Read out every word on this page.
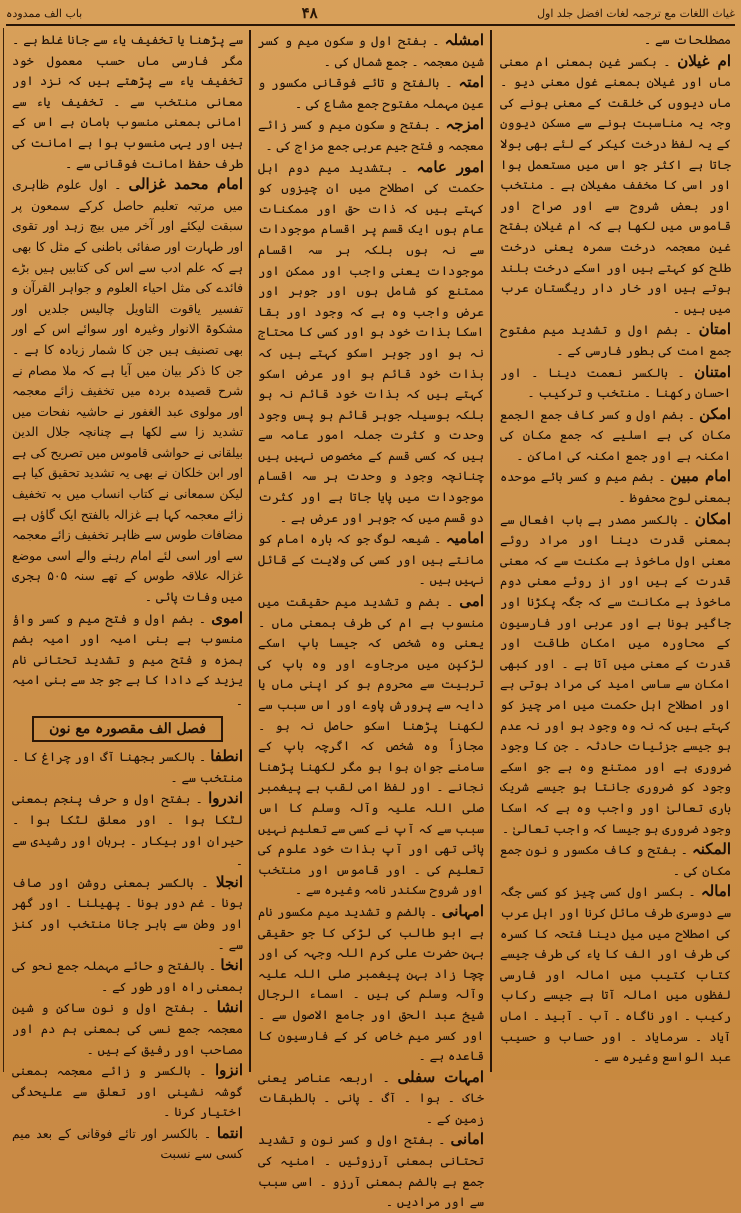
غیاث اللغات مع ترجمہ لغات افضل جلد اول
۴۸
باب الف ممدودہ

مصطلحات سے ۔

ام غیلان ۔ بکسر غین بمعنی ام معنی ماں اور غیلان بمعنے غول معنی دیو ۔ ماں دیووں کی خلقت کے معنی ہونے کی وجہ یہ مناسبت ہونے سے مسکن دیوون کے یہ لفظ درخت کیکر کے لئے بھی بولا جاتا ہے اکثر جو اس میں مستعمل ہوا اور اسی کا مخفف مغیلان ہے ۔ منتخب اور بعض شروح سے اور صراح اور قاموس میں لکھا ہے کہ ام غیلان بفتح غین معجمہ درخت سمرہ یعنی درخت طلح کو کہتے ہیں اور اسکے درخت بلند ہوتے ہیں اور خار دار ریگستان عرب میں ہیں ۔

امتان ۔ بضم اول و تشدید میم مفتوح جمع امت کی بطور فارسی کے ۔

امتنان ۔ بالکسر نعمت دینا ۔ اور احسان رکھنا ۔ منتخب و ترکیب ۔

امکن ۔ بضم اول و کسر کاف جمع الجمع مکان کی ہے اسلیے کہ جمع مکان کی امکنہ ہے اور جمع امکنہ کی اماکن ۔

امام مبین ۔ بضم میم و کسر بائے موحدہ بمعنی لوح محفوظ ۔

امکان ۔ بالکسر مصدر ہے باب افعال سے بمعنی قدرت دینا اور مراد روئے معنی اول ماخوذ ہے مکنت سے کہ معنی قدرت کے ہیں اور از روئے معنی دوم ماخوذ ہے مکانت سے کہ جگہ پکڑنا اور جاگیر ہونا ہے اور عربی اور فارسیون کے محاورہ میں امکان طاقت اور قدرت کے معنی میں آتا ہے ۔ اور کبھی امکان سے ساسی امید کی مراد ہوتی ہے اور اصطلاح اہل حکمت میں امر چیز کو کہتے ہیں کہ نہ وہ وجود ہو اور نہ عدم ہو جیسے جزئیات حادثہ ۔ جن کا وجود ضروری ہے اور ممتنع وہ ہے جو اسکے وجود کو ضروری جانتا ہو جیسے شریک باری تعالیٰ اور واجب وہ ہے کہ اسکا وجود ضروری ہو جیسا کہ واجب تعالیٰ ۔

المکنہ ۔ بفتح و کاف مکسور و نون جمع مکان کی ۔

امالہ ۔ بکسر اول کسی چیز کو کسی جگہ سے دوسری طرف مائل کرنا اور اہل عرب کی اصطلاح میں میل دینا فتحہ کا کسرہ کی طرف اور الف کا یاء کی طرف جیسے کتاب کتیب میں امالہ اور فارسی لفظوں میں امالہ آتا ہے جیسے رکاب رکیب ۔ اور ناگاہ ۔ آب ۔ آبید ۔ اماں آیاد ۔ سرمایاد ۔ اور حساب و حسیب عبد الواسع وغیرہ سے ۔

امشلہ ۔ بفتح اول و سکون میم و کسر شین معجمہ ۔ جمع شمال کی ۔

امتہ ۔ بالفتح و تائے فوقانی مکسور و عین مہملہ مفتوح جمع مشاع کی ۔

امزجہ ۔ بفتح و سکون میم و کسر زائے معجمہ و فتح جیم عربی جمع مزاج کی ۔

امور عامہ ۔ بتشدید میم دوم اہل حکمت کی اصطلاح میں ان چیزوں کو کہتے ہیں کہ ذات حق اور ممکنات عام ہوں ایک قسم پر اقسام موجودات سے نہ ہوں بلکہ ہر سہ اقسام موجودات یعنی واجب اور ممکن اور ممتنع کو شامل ہوں اور جوہر اور عرض واجب وہ ہے کہ وجود اور بقا اسکا بذات خود ہو اور کسی کا محتاج نہ ہو اور جوہر اسکو کہتے ہیں کہ بذات خود قائم ہو اور عرض اسکو کہتے ہیں کہ بذات خود قائم نہ ہو بلکہ بوسیلہ جوہر قائم ہو پس وجود وحدت و کثرت جملہ امور عامہ سے ہیں کہ کسی قسم کے مخصوص نہیں ہیں چنانچہ وجود و وحدت ہر سہ اقسام موجودات میں پایا جاتا ہے اور کثرت دو قسم میں کہ جوہر اور عرض ہے ۔

امامیہ ۔ شیعہ لوگ جو کہ بارہ امام کو مانتے ہیں اور کسی کی ولایت کے قائل نہیں ہیں ۔

امی ۔ بضم و تشدید میم حقیقت میں منسوب ہے ام کی طرف بمعنی ماں ۔ یعنی وہ شخص کہ جیسا باپ اسکے لڑکپن میں مرجاوے اور وہ باپ کی تربیت سے محروم ہو کر اپنی ماں یا دایہ سے پرورش پاوے اور اس سبب سے لکھنا پڑھنا اسکو حاصل نہ ہو ۔ مجازاً وہ شخص کہ اگرچہ باپ کے سامنے جوان ہوا ہو مگر لکھنا پڑھنا نجانے ۔ اور لفظ امی لقب ہے پیغمبر صلی اللہ علیہ وآلہ وسلم کا اس سبب سے کہ آپ نے کسی سے تعلیم نہیں پائی تھی اور آپ بذات خود علوم کی تعلیم کی ۔ اور قاموس اور منتخب اور شروح سکندر نامہ وغیرہ سے ۔

امہانی ۔ بالضم و تشدید میم مکسور نام ہے ابو طالب کی لڑکی کا جو حقیقی بہن حضرت علی کرم اللہ وجہہ کی اور چچا زاد بہن پیغمبر صلی اللہ علیہ وآلہ وسلم کی ہیں ۔ اسماء الرجال شیخ عبد الحق اور جامع الاصول سے ۔ اور کسر میم خاص کر کے فارسیون کا قاعدہ ہے ۔

امہات سفلی ۔ اربعہ عناصر یعنی خاک ۔ ہوا ۔ آگ ۔ پانی ۔ بالطبقات زمین کے ۔

امانی ۔ بفتح اول و کسر نون و تشدید تحتانی بمعنی آرزوئیں ۔ امنیہ کی جمع ہے بالضم بمعنی آرزو ۔ اسی سبب سے اور مرادیں ۔

سے پڑھنا یا تخفیف یاء سے جانا غلط ہے ۔ مگر فارسی ماں حسب معمول خود تخفیف یاء سے پڑھتے ہیں کہ نزد اور معانی منتخب سے ۔ تخفیف یاء سے امانی بمعنی منسوب بامان ہے اس کے ہیں اور یہی منسوب ہوا ہے امانت کی طرف حفظ امانت فوقانی سے ۔

امام محمد غزالی ۔ اول علوم ظاہری میں مرتبہ تعلیم حاصل کرکے سمعون پر سبقت لیکئے اور آخر میں بیچ زہد اور تقوی اور طہارت اور صفائی باطنی کے مثل کا بھی ہے کہ علم ادب سے اس کی کتابیں ہیں بڑے فائدے کی مثل احیاء العلوم و جواہر القرآن و تفسیر یاقوت التاویل چالیس جلدیں اور مشکوۃ الانوار وغیرہ اور سوائے اس کے اور بھی تصنیف ہیں جن کا شمار زیادہ کا ہے ۔ جن کا ذکر بیان میں آیا ہے کہ ملا مصام نے شرح قصیدہ بردہ میں تخفیف زائے معجمہ اور مولوی عبد الغفور نے حاشیہ نفحات میں تشدید زا سے لکھا ہے چنانچہ جلال الدین بیلقانی نے حواشی قاموس میں تصریح کی ہے اور ابن خلکان نے بھی یہ تشدید تحقیق کیا ہے لیکن سمعانی نے کتاب انساب میں بہ تخفیف زائے معجمہ کہا ہے غزالہ بالفتح ایک گاؤں ہے مضافات طوس سے ظاہر تخفیف زائے معجمہ سے اور اسی لئے امام رہنے والے اسی موضع غزالہ علاقہ طوس کے تھے سنہ ۵۰۵ ہجری میں وفات پائی ۔

اموی ۔ بضم اول و فتح میم و کسر واؤ منسوب ہے بنی امیہ اور امیہ بضم ہمزہ و فتح میم و تشدید تحتانی نام یزید کے دادا کا ہے جو جد سے بنی امیہ ۔

فصل الف مقصورہ مع نون

انطفا ۔ بالکسر بجھنا آگ اور چراغ کا ۔ منتخب سے ۔

اندروا ۔ بفتح اول و حرف پنجم بمعنی لٹکا ہوا ۔ اور معلق لٹکا ہوا ۔ حیران اور بیکار ۔ برہان اور رشیدی سے ۔

انجلا ۔ بالکسر بمعنی روشن اور صاف ہونا ۔ غم دور ہونا ۔ پھیلنا ۔ اور گھر اور وطن سے باہر جانا منتخب اور کنز سے ۔

انخا ۔ بالفتح و حائے مہملہ جمع نحو کی بمعنی راہ اور طور کے ۔

انشا ۔ بفتح اول و نون ساکن و شین معجمہ جمع نسی کی بمعنی ہم دم اور مصاحب اور رفیق کے ہیں ۔

انزوا ۔ بالکسر و زائے معجمہ بمعنی گوشہ نشینی اور تعلق سے علیحدگی اختیار کرنا ۔

انتما ۔ بالکسر اور تائے فوقانی کے بعد میم کسی سے نسبت
